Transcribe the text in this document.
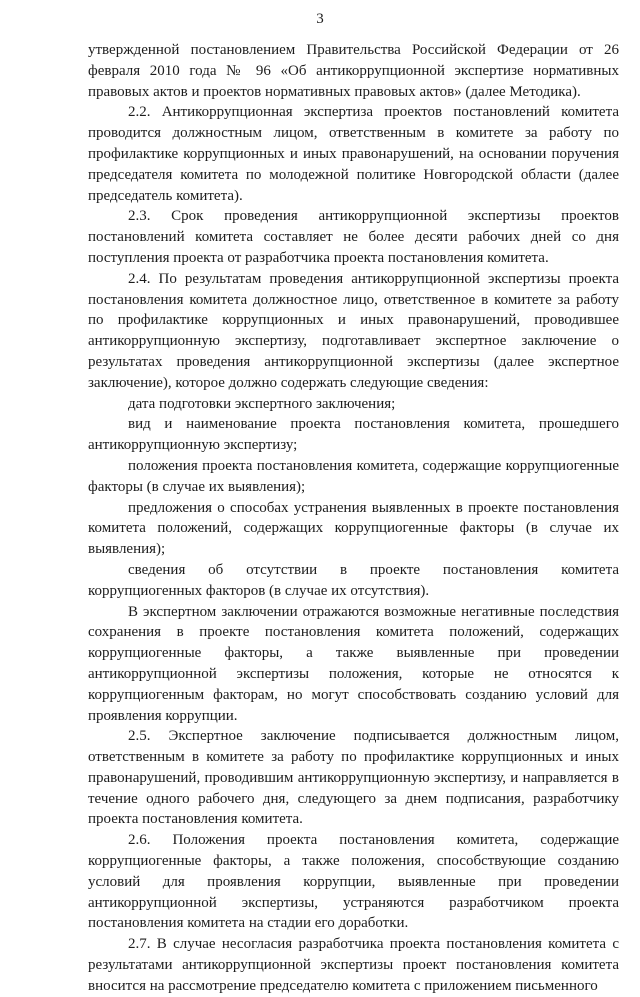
3

утвержденной постановлением Правительства Российской Федерации от 26 февраля 2010 года № 96 «Об антикоррупционной экспертизе нормативных правовых актов и проектов нормативных правовых актов» (далее Методика).

2.2. Антикоррупционная экспертиза проектов постановлений комитета проводится должностным лицом, ответственным в комитете за работу по профилактике коррупционных и иных правонарушений, на основании поручения председателя комитета по молодежной политике Новгородской области (далее председатель комитета).

2.3. Срок проведения антикоррупционной экспертизы проектов постановлений комитета составляет не более десяти рабочих дней со дня поступления проекта от разработчика проекта постановления комитета.

2.4. По результатам проведения антикоррупционной экспертизы проекта постановления комитета должностное лицо, ответственное в комитете за работу по профилактике коррупционных и иных правонарушений, проводившее антикоррупционную экспертизу, подготавливает экспертное заключение о результатах проведения антикоррупционной экспертизы (далее экспертное заключение), которое должно содержать следующие сведения:

дата подготовки экспертного заключения;

вид и наименование проекта постановления комитета, прошедшего антикоррупционную экспертизу;

положения проекта постановления комитета, содержащие коррупциогенные факторы (в случае их выявления);

предложения о способах устранения выявленных в проекте постановления комитета положений, содержащих коррупциогенные факторы (в случае их выявления);

сведения об отсутствии в проекте постановления комитета коррупциогенных факторов (в случае их отсутствия).

В экспертном заключении отражаются возможные негативные последствия сохранения в проекте постановления комитета положений, содержащих коррупциогенные факторы, а также выявленные при проведении антикоррупционной экспертизы положения, которые не относятся к коррупциогенным факторам, но могут способствовать созданию условий для проявления коррупции.

2.5. Экспертное заключение подписывается должностным лицом, ответственным в комитете за работу по профилактике коррупционных и иных правонарушений, проводившим антикоррупционную экспертизу, и направляется в течение одного рабочего дня, следующего за днем подписания, разработчику проекта постановления комитета.

2.6. Положения проекта постановления комитета, содержащие коррупциогенные факторы, а также положения, способствующие созданию условий для проявления коррупции, выявленные при проведении антикоррупционной экспертизы, устраняются разработчиком проекта постановления комитета на стадии его доработки.

2.7. В случае несогласия разработчика проекта постановления комитета с результатами антикоррупционной экспертизы проект постановления комитета вносится на рассмотрение председателю комитета с приложением письменного
